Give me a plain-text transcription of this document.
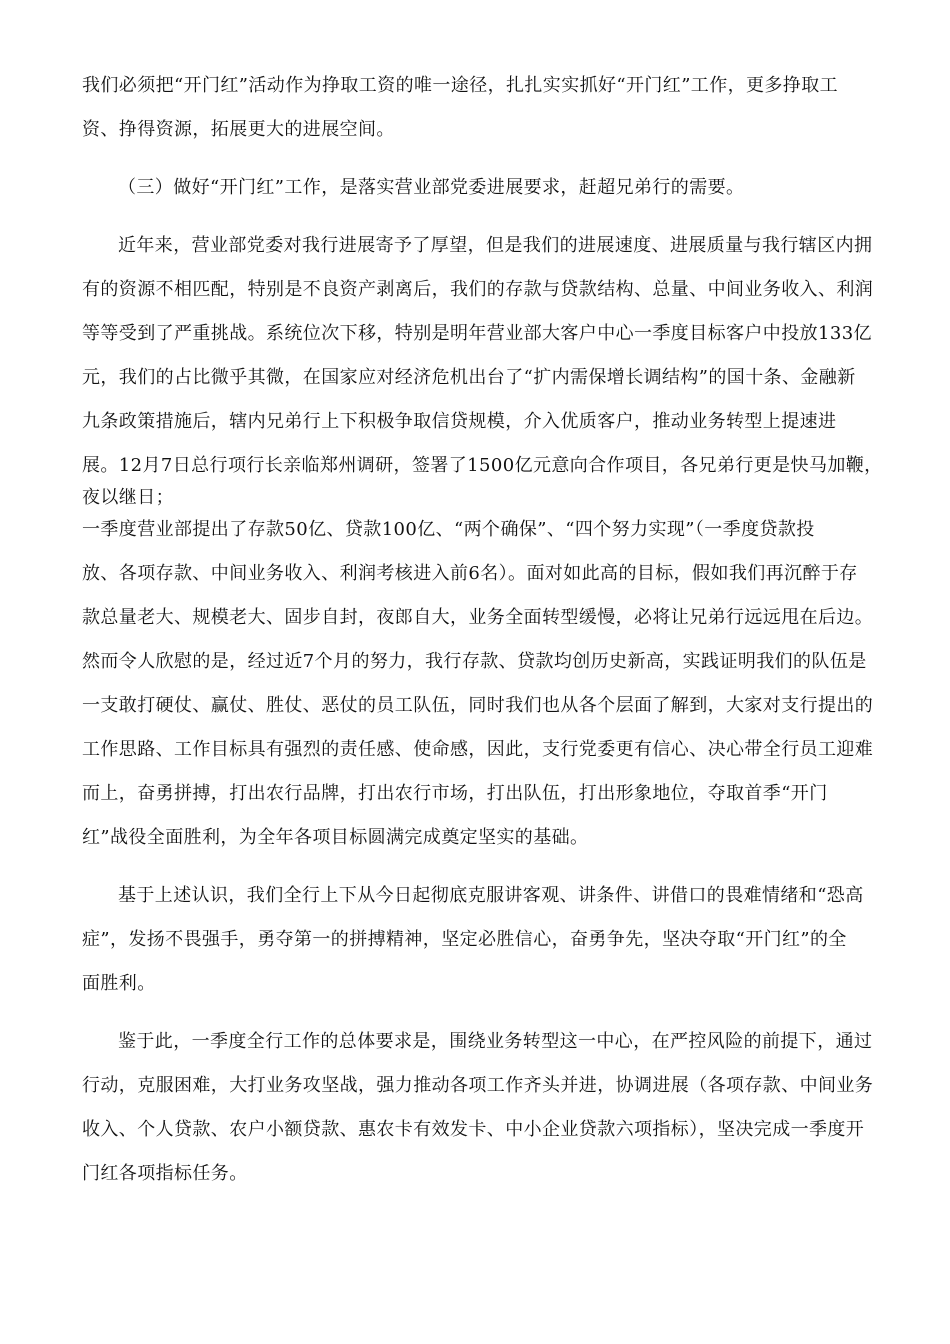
我们必须把“开门红”活动作为挣取工资的唯一途径，扎扎实实抓好“开门红”工作，更多挣取工
资、挣得资源，拓展更大的进展空间。
（三）做好“开门红”工作，是落实营业部党委进展要求，赶超兄弟行的需要。
近年来，营业部党委对我行进展寄予了厚望，但是我们的进展速度、进展质量与我行辖区内拥
有的资源不相匹配，特别是不良资产剥离后，我们的存款与贷款结构、总量、中间业务收入、利润
等等受到了严重挑战。系统位次下移，特别是明年营业部大客户中心一季度目标客户中投放133亿
元，我们的占比微乎其微，在国家应对经济危机出台了“扩内需保增长调结构”的国十条、金融新
九条政策措施后，辖内兄弟行上下积极争取信贷规模，介入优质客户，推动业务转型上提速进
展。12月7日总行项行长亲临郑州调研，签署了1500亿元意向合作项目，各兄弟行更是快马加鞭，
夜以继日；
一季度营业部提出了存款50亿、贷款100亿、“两个确保”、“四个努力实现”（一季度贷款投
放、各项存款、中间业务收入、利润考核进入前6名）。面对如此高的目标，假如我们再沉醉于存
款总量老大、规模老大、固步自封，夜郎自大，业务全面转型缓慢，必将让兄弟行远远甩在后边。
然而令人欣慰的是，经过近7个月的努力，我行存款、贷款均创历史新高，实践证明我们的队伍是
一支敢打硬仗、赢仗、胜仗、恶仗的员工队伍，同时我们也从各个层面了解到，大家对支行提出的
工作思路、工作目标具有强烈的责任感、使命感，因此，支行党委更有信心、决心带全行员工迎难
而上，奋勇拼搏，打出农行品牌，打出农行市场，打出队伍，打出形象地位，夺取首季“开门
红”战役全面胜利，为全年各项目标圆满完成奠定坚实的基础。
基于上述认识，我们全行上下从今日起彻底克服讲客观、讲条件、讲借口的畏难情绪和“恐高
症”，发扬不畏强手，勇夺第一的拼搏精神，坚定必胜信心，奋勇争先，坚决夺取“开门红”的全
面胜利。
鉴于此，一季度全行工作的总体要求是，围绕业务转型这一中心，在严控风险的前提下，通过
行动，克服困难，大打业务攻坚战，强力推动各项工作齐头并进，协调进展（各项存款、中间业务
收入、个人贷款、农户小额贷款、惠农卡有效发卡、中小企业贷款六项指标），坚决完成一季度开
门红各项指标任务。
